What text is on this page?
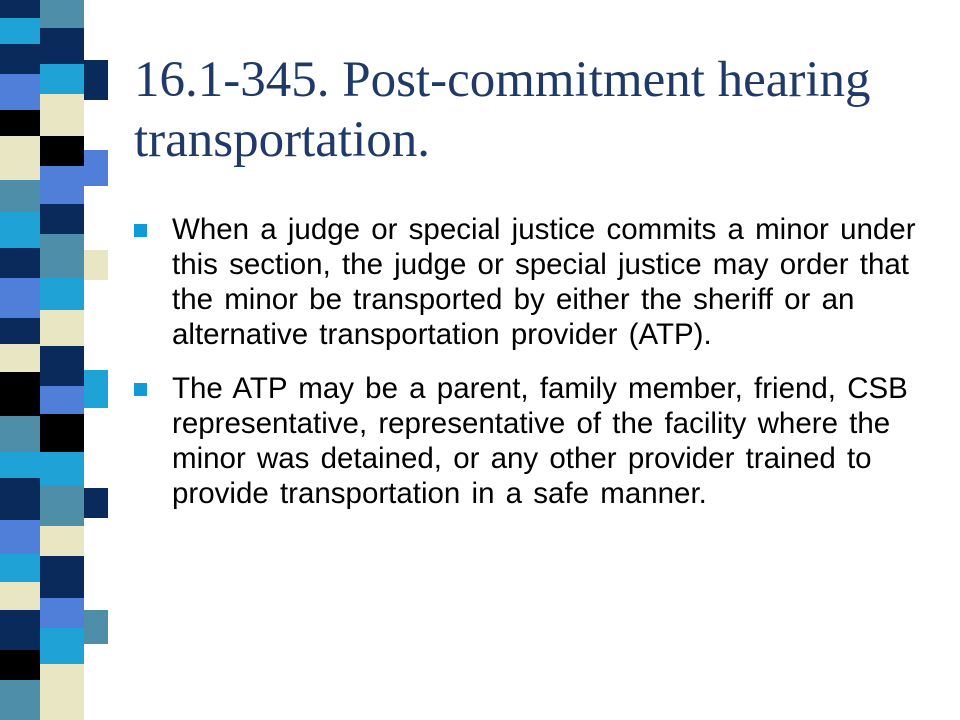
16.1-345. Post-commitment hearing transportation.
When a judge or special justice commits a minor under this section, the judge or special justice may order that the minor be transported by either the sheriff or an alternative transportation provider (ATP).
The ATP may be a parent, family member, friend, CSB representative, representative of the facility where the minor was detained, or any other provider trained to provide transportation in a safe manner.
